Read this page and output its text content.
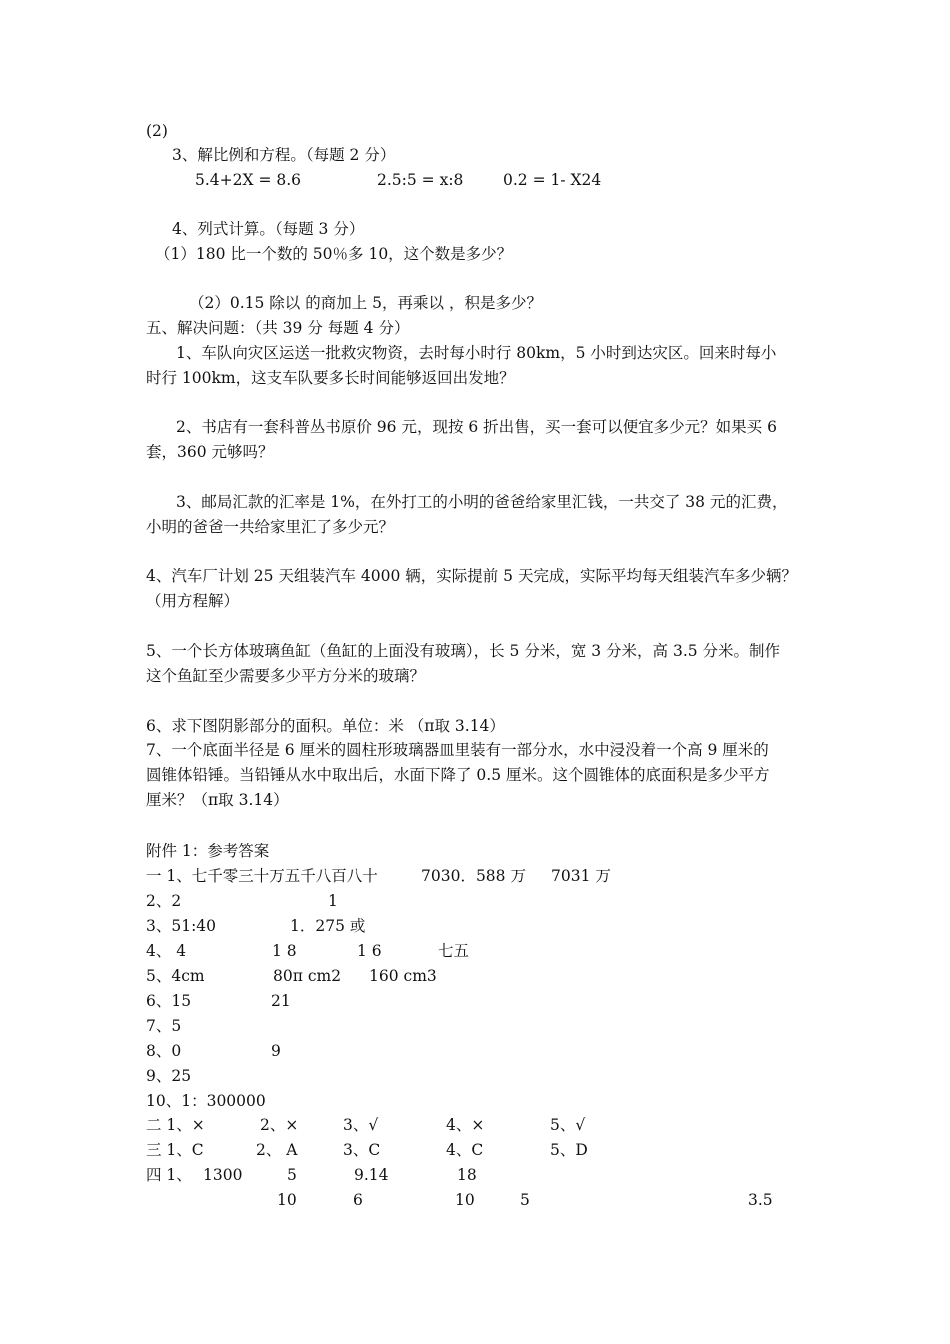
(2)
3、解比例和方程。（每题 2 分）
5.4+2X = 8.6	2.5:5 = x:8	0.2 = 1- X24
4、列式计算。（每题 3 分）
（1）180 比一个数的 50％多 10，这个数是多少？
（2）0.15 除以 的商加上 5，再乘以 ，积是多少？
五、解决问题：（共 39 分 每题 4 分）
1、车队向灾区运送一批救灾物资，去时每小时行 80km，5 小时到达灾区。回来时每小
时行 100km，这支车队要多长时间能够返回出发地？
2、书店有一套科普丛书原价 96 元，现按 6 折出售，买一套可以便宜多少元？如果买 6
套，360 元够吗？
3、邮局汇款的汇率是 1%，在外打工的小明的爸爸给家里汇钱，一共交了 38 元的汇费，
小明的爸爸一共给家里汇了多少元？
4、汽车厂计划 25 天组装汽车 4000 辆，实际提前 5 天完成，实际平均每天组装汽车多少辆？
（用方程解）
5、一个长方体玻璃鱼缸（鱼缸的上面没有玻璃），长 5 分米，宽 3 分米，高 3.5 分米。制作
这个鱼缸至少需要多少平方分米的玻璃？
6、求下图阴影部分的面积。单位：米 （π取 3.14）
7、一个底面半径是 6 厘米的圆柱形玻璃器皿里装有一部分水，水中浸没着一个高 9 厘米的
圆锥体铅锤。当铅锤从水中取出后，水面下降了 0.5 厘米。这个圆锥体的底面积是多少平方
厘米？（π取 3.14）
附件 1：参考答案
一 1、七千零三十万五千八百八十	7030．588 万 7031 万
2、2	1
3、51:40	1．275 或
4、 4	1 8	1 6	七五
5、4cm	80π cm2 160 cm3
6、15	21
7、5
8、0	9
9、25
10、1：300000
二 1、×	2、×	3、√	4、×	5、√
三 1、C	2、 A	3、C	4、C	5、D
四 1、 1300	5	9.14	18
10	6	10	5	3.5
